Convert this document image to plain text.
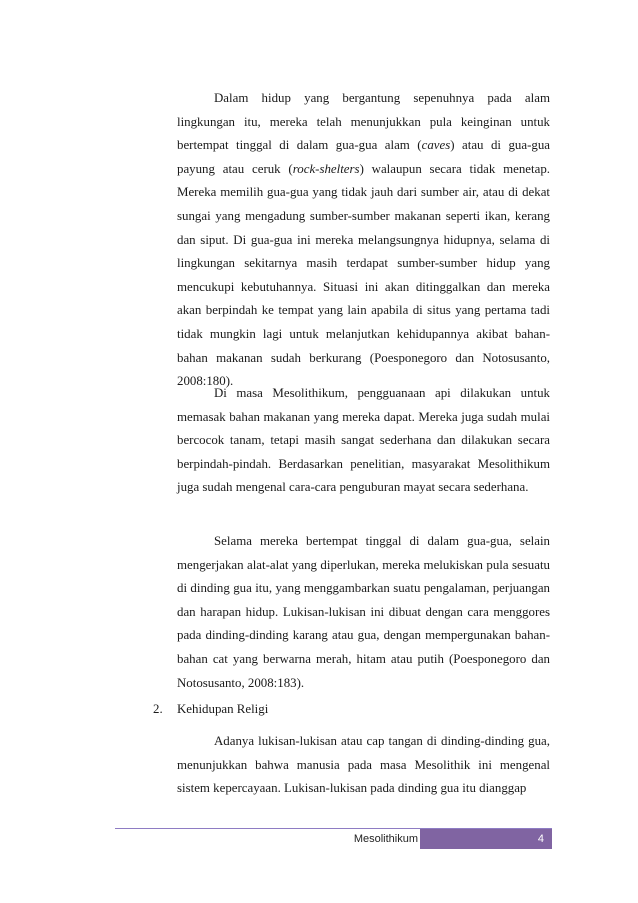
Dalam hidup yang bergantung sepenuhnya pada alam lingkungan itu, mereka telah menunjukkan pula keinginan untuk bertempat tinggal di dalam gua-gua alam (caves) atau di gua-gua payung atau ceruk (rock-shelters) walaupun secara tidak menetap. Mereka memilih gua-gua yang tidak jauh dari sumber air, atau di dekat sungai yang mengadung sumber-sumber makanan seperti ikan, kerang dan siput. Di gua-gua ini mereka melangsungnya hidupnya, selama di lingkungan sekitarnya masih terdapat sumber-sumber hidup yang mencukupi kebutuhannya. Situasi ini akan ditinggalkan dan mereka akan berpindah ke tempat yang lain apabila di situs yang pertama tadi tidak mungkin lagi untuk melanjutkan kehidupannya akibat bahan-bahan makanan sudah berkurang (Poesponegoro dan Notosusanto, 2008:180).

Di masa Mesolithikum, pengguanaan api dilakukan untuk memasak bahan makanan yang mereka dapat. Mereka juga sudah mulai bercocok tanam, tetapi masih sangat sederhana dan dilakukan secara berpindah-pindah. Berdasarkan penelitian, masyarakat Mesolithikum juga sudah mengenal cara-cara penguburan mayat secara sederhana.

Selama mereka bertempat tinggal di dalam gua-gua, selain mengerjakan alat-alat yang diperlukan, mereka melukiskan pula sesuatu di dinding gua itu, yang menggambarkan suatu pengalaman, perjuangan dan harapan hidup. Lukisan-lukisan ini dibuat dengan cara menggores pada dinding-dinding karang atau gua, dengan mempergunakan bahan-bahan cat yang berwarna merah, hitam atau putih (Poesponegoro dan Notosusanto, 2008:183).

2. Kehidupan Religi

Adanya lukisan-lukisan atau cap tangan di dinding-dinding gua, menunjukkan bahwa manusia pada masa Mesolithik ini mengenal sistem kepercayaan. Lukisan-lukisan pada dinding gua itu dianggap

Mesolithikum	4
